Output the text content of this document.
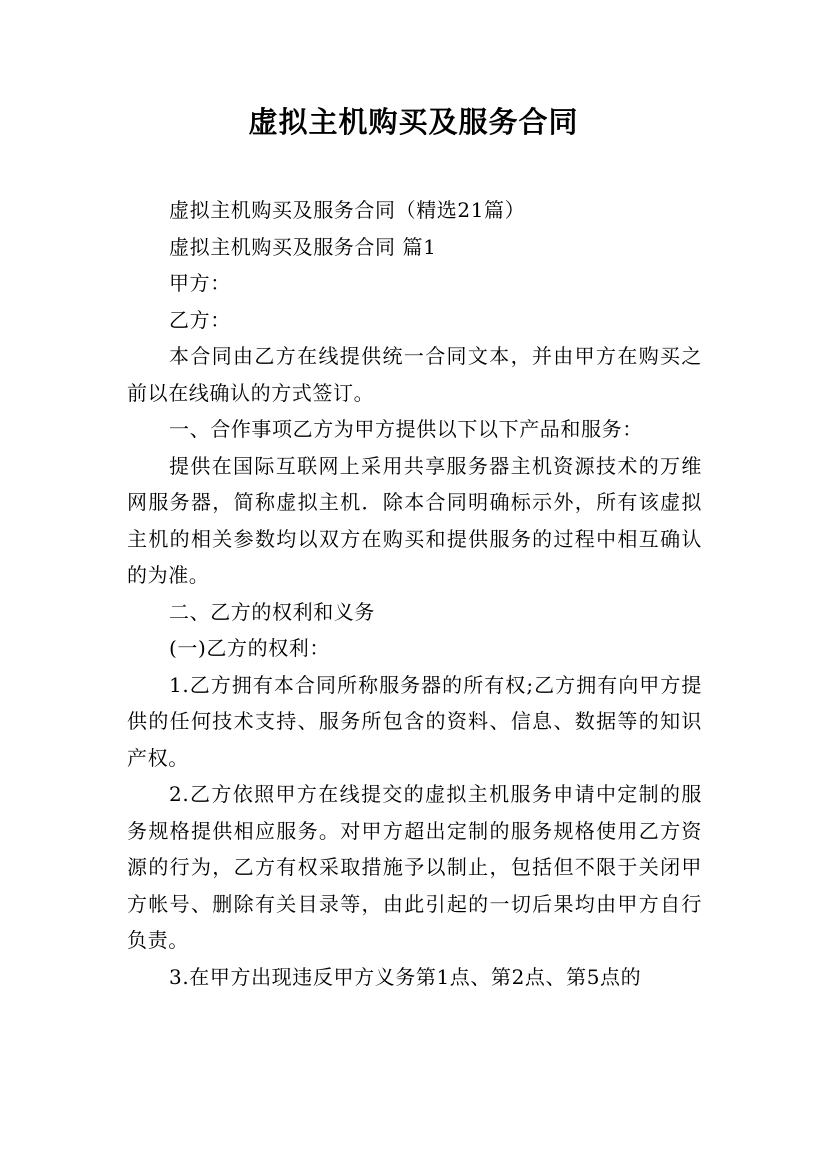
虚拟主机购买及服务合同

虚拟主机购买及服务合同（精选21篇）

虚拟主机购买及服务合同 篇1

甲方：

乙方：

本合同由乙方在线提供统一合同文本，并由甲方在购买之前以在线确认的方式签订。

一、合作事项乙方为甲方提供以下以下产品和服务：

提供在国际互联网上采用共享服务器主机资源技术的万维网服务器，简称虚拟主机．除本合同明确标示外，所有该虚拟主机的相关参数均以双方在购买和提供服务的过程中相互确认的为准。

二、乙方的权利和义务

(一)乙方的权利：

1.乙方拥有本合同所称服务器的所有权;乙方拥有向甲方提供的任何技术支持、服务所包含的资料、信息、数据等的知识产权。

2.乙方依照甲方在线提交的虚拟主机服务申请中定制的服务规格提供相应服务。对甲方超出定制的服务规格使用乙方资源的行为，乙方有权采取措施予以制止，包括但不限于关闭甲方帐号、删除有关目录等，由此引起的一切后果均由甲方自行负责。

3.在甲方出现违反甲方义务第1点、第2点、第5点的
